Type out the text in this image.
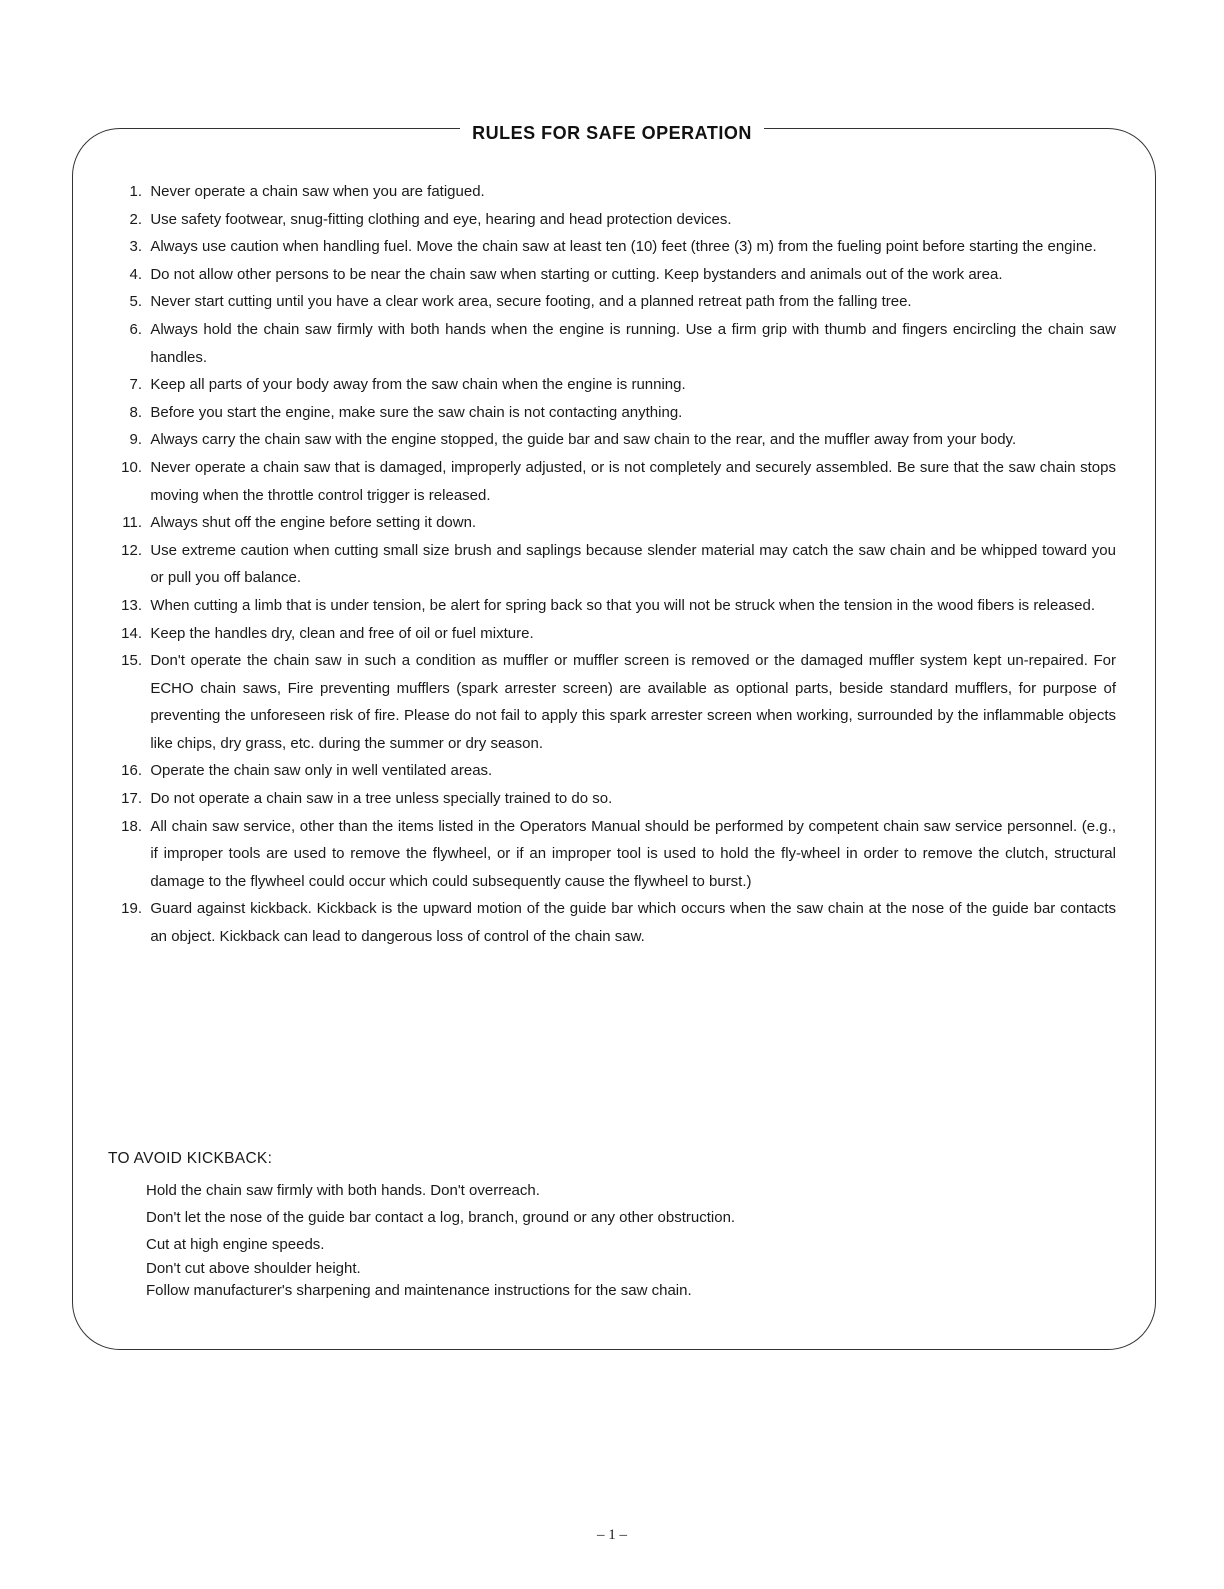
RULES FOR SAFE OPERATION
1.
Never operate a chain saw when you are fatigued.
2.
Use safety footwear, snug-fitting clothing and eye, hearing and head protection devices.
3.
Always use caution when handling fuel. Move the chain saw at least ten (10) feet (three (3) m) from the fueling point before starting the engine.
4.
Do not allow other persons to be near the chain saw when starting or cutting. Keep bystanders and animals out of the work area.
5.
Never start cutting until you have a clear work area, secure footing, and a planned retreat path from the falling tree.
6.
Always hold the chain saw firmly with both hands when the engine is running. Use a firm grip with thumb and fingers encircling the chain saw handles.
7.
Keep all parts of your body away from the saw chain when the engine is running.
8.
Before you start the engine, make sure the saw chain is not contacting anything.
9.
Always carry the chain saw with the engine stopped, the guide bar and saw chain to the rear, and the muffler away from your body.
10.
Never operate a chain saw that is damaged, improperly adjusted, or is not completely and securely assembled. Be sure that the saw chain stops moving when the throttle control trigger is released.
11.
Always shut off the engine before setting it down.
12.
Use extreme caution when cutting small size brush and saplings because slender material may catch the saw chain and be whipped toward you or pull you off balance.
13.
When cutting a limb that is under tension, be alert for spring back so that you will not be struck when the tension in the wood fibers is released.
14.
Keep the handles dry, clean and free of oil or fuel mixture.
15.
Don't operate the chain saw in such a condition as muffler or muffler screen is removed or the damaged muffler system kept un-repaired. For ECHO chain saws, Fire preventing mufflers (spark arrester screen) are available as optional parts, beside standard mufflers, for purpose of preventing the unforeseen risk of fire. Please do not fail to apply this spark arrester screen when working, surrounded by the inflammable objects like chips, dry grass, etc. during the summer or dry season.
16.
Operate the chain saw only in well ventilated areas.
17.
Do not operate a chain saw in a tree unless specially trained to do so.
18.
All chain saw service, other than the items listed in the Operators Manual should be performed by competent chain saw service personnel. (e.g., if improper tools are used to remove the flywheel, or if an improper tool is used to hold the fly-wheel in order to remove the clutch, structural damage to the flywheel could occur which could subsequently cause the flywheel to burst.)
19.
Guard against kickback. Kickback is the upward motion of the guide bar which occurs when the saw chain at the nose of the guide bar contacts an object. Kickback can lead to dangerous loss of control of the chain saw.
TO AVOID KICKBACK:
Hold the chain saw firmly with both hands. Don't overreach.
Don't let the nose of the guide bar contact a log, branch, ground or any other obstruction.
Cut at high engine speeds.
Don't cut above shoulder height.
Follow manufacturer's sharpening and maintenance instructions for the saw chain.
– 1 –
